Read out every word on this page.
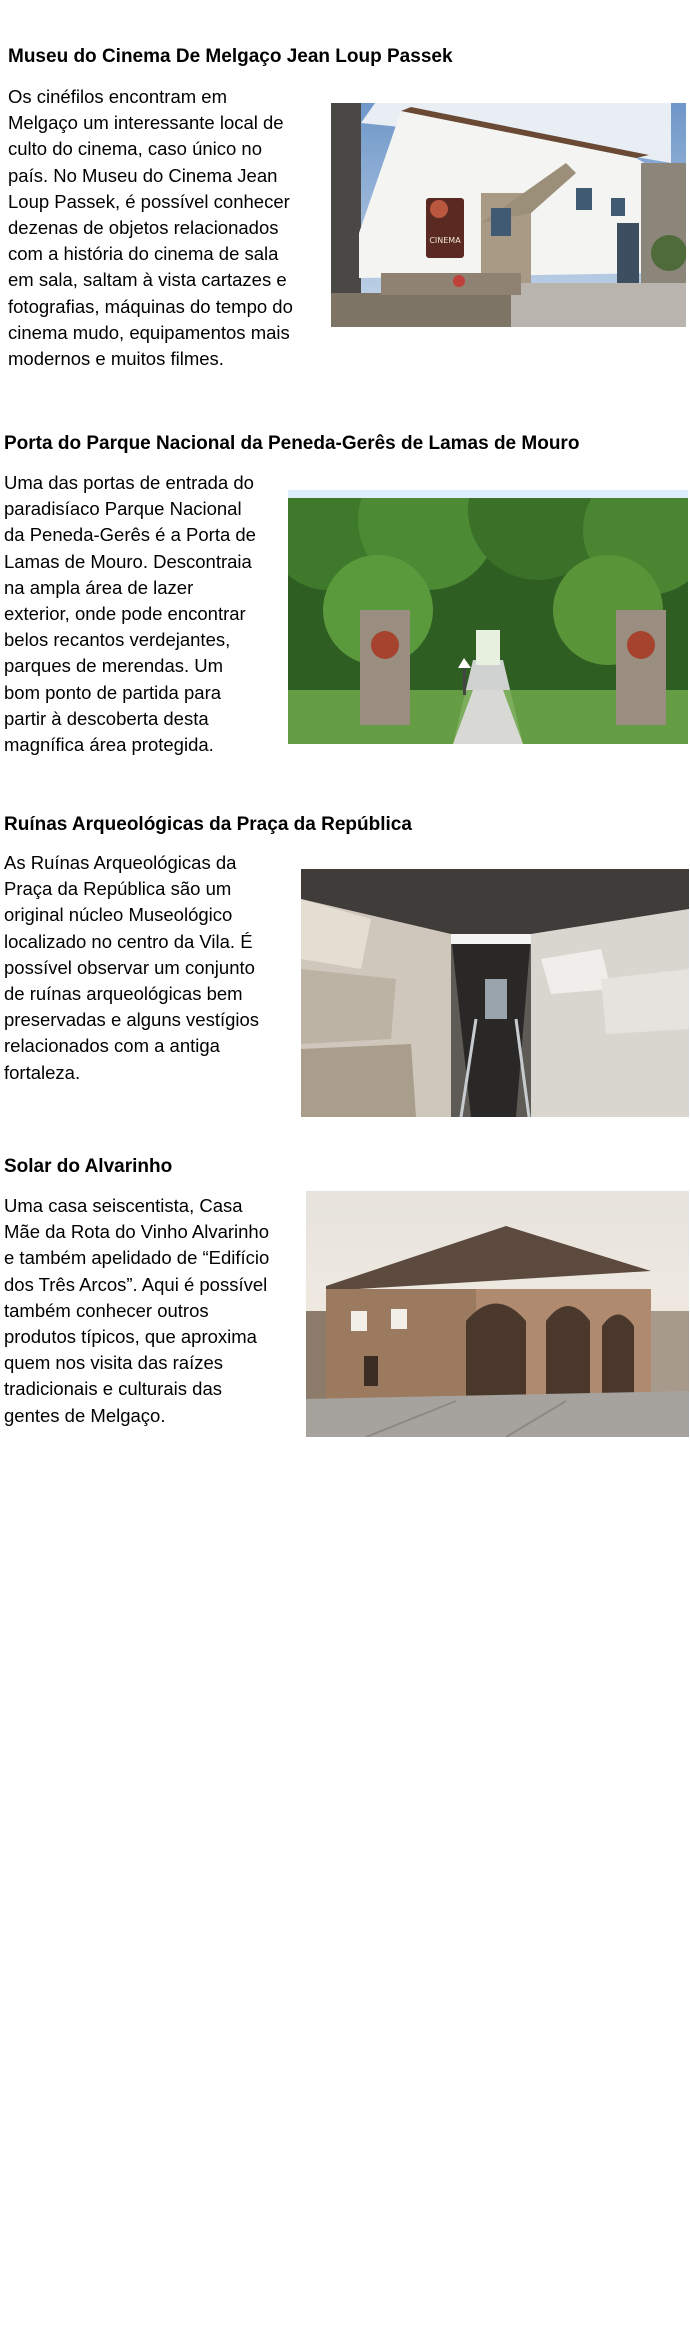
Museu do Cinema De Melgaço Jean Loup Passek
Os cinéfilos encontram em
Melgaço um interessante local de
culto do cinema, caso único no
país. No Museu do Cinema Jean
Loup Passek, é possível conhecer
dezenas de objetos relacionados
com a história do cinema de sala
em sala, saltam à vista cartazes e
fotografias, máquinas do tempo do
cinema mudo, equipamentos mais
modernos e muitos filmes.
CINEMA
Porta do Parque Nacional da Peneda-Gerês de Lamas de Mouro
Uma das portas de entrada do
paradisíaco Parque Nacional
da Peneda-Gerês é a Porta de
Lamas de Mouro. Descontraia
na ampla área de lazer
exterior, onde pode encontrar
belos recantos verdejantes,
parques de merendas. Um
bom ponto de partida para
partir à descoberta desta
magnífica área protegida.
Ruínas Arqueológicas da Praça da República
As Ruínas Arqueológicas da
Praça da República são um
original núcleo Museológico
localizado no centro da Vila. É
possível observar um conjunto
de ruínas arqueológicas bem
preservadas e alguns vestígios
relacionados com a antiga
fortaleza.
Solar do Alvarinho
Uma casa seiscentista, Casa
Mãe da Rota do Vinho Alvarinho
e também apelidado de “Edifício
dos Três Arcos”. Aqui é possível
também conhecer outros
produtos típicos, que aproxima
quem nos visita das raízes
tradicionais e culturais das
gentes de Melgaço.
